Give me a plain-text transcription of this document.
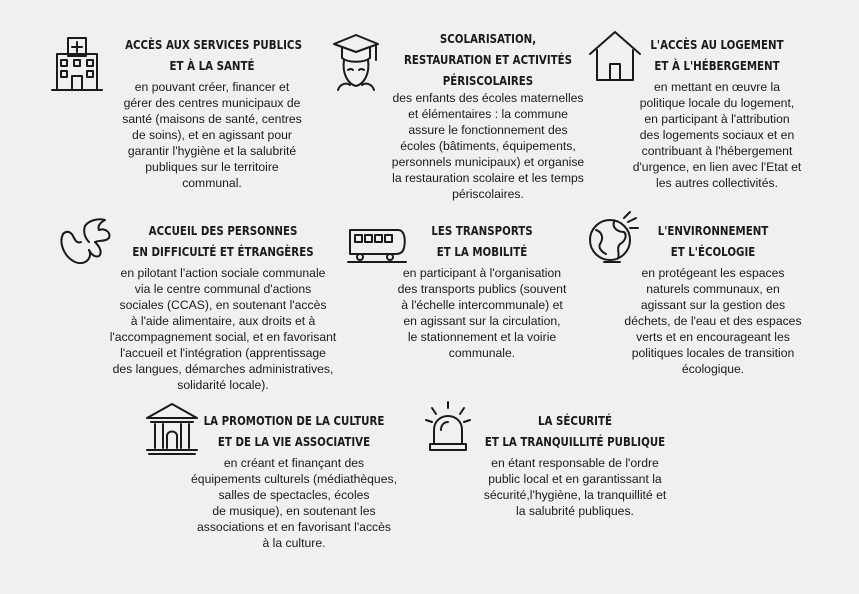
ACCÈS AUX SERVICES PUBLICS
ET À LA SANTÉ
en pouvant créer, financer et
gérer des centres municipaux de
santé (maisons de santé, centres
de soins), et en agissant pour
garantir l'hygiène et la salubrité
publiques sur le territoire
communal.
SCOLARISATION,
RESTAURATION ET ACTIVITÉS
PÉRISCOLAIRES
des enfants des écoles maternelles
et élémentaires : la commune
assure le fonctionnement des
écoles (bâtiments, équipements,
personnels municipaux) et organise
la restauration scolaire et les temps
périscolaires.
L'ACCÈS AU LOGEMENT
ET À L'HÉBERGEMENT
en mettant en œuvre la
politique locale du logement,
en participant à l'attribution
des logements sociaux et en
contribuant à l'hébergement
d'urgence, en lien avec l'Etat et
les autres collectivités.
ACCUEIL DES PERSONNES
EN DIFFICULTÉ ET ÉTRANGÈRES
en pilotant l'action sociale communale
via le centre communal d'actions
sociales (CCAS), en soutenant l'accès
à l'aide alimentaire, aux droits et à
l'accompagnement social, et en favorisant
l'accueil et l'intégration (apprentissage
des langues, démarches administratives,
solidarité locale).
LES TRANSPORTS
ET LA MOBILITÉ
en participant à l'organisation
des transports publics (souvent
à l'échelle intercommunale) et
en agissant sur la circulation,
le stationnement et la voirie
communale.
L'ENVIRONNEMENT
ET L'ÉCOLOGIE
en protégeant les espaces
naturels communaux, en
agissant sur la gestion des
déchets, de l'eau et des espaces
verts et en encourageant les
politiques locales de transition
écologique.
LA PROMOTION DE LA CULTURE
ET DE LA VIE ASSOCIATIVE
en créant et finançant des
équipements culturels (médiathèques,
salles de spectacles, écoles
de musique), en soutenant les
associations et en favorisant l'accès
à la culture.
LA SÉCURITÉ
ET LA TRANQUILLITÉ PUBLIQUE
en étant responsable de l'ordre
public local et en garantissant la
sécurité,l'hygiène, la tranquillité et
la salubrité publiques.
